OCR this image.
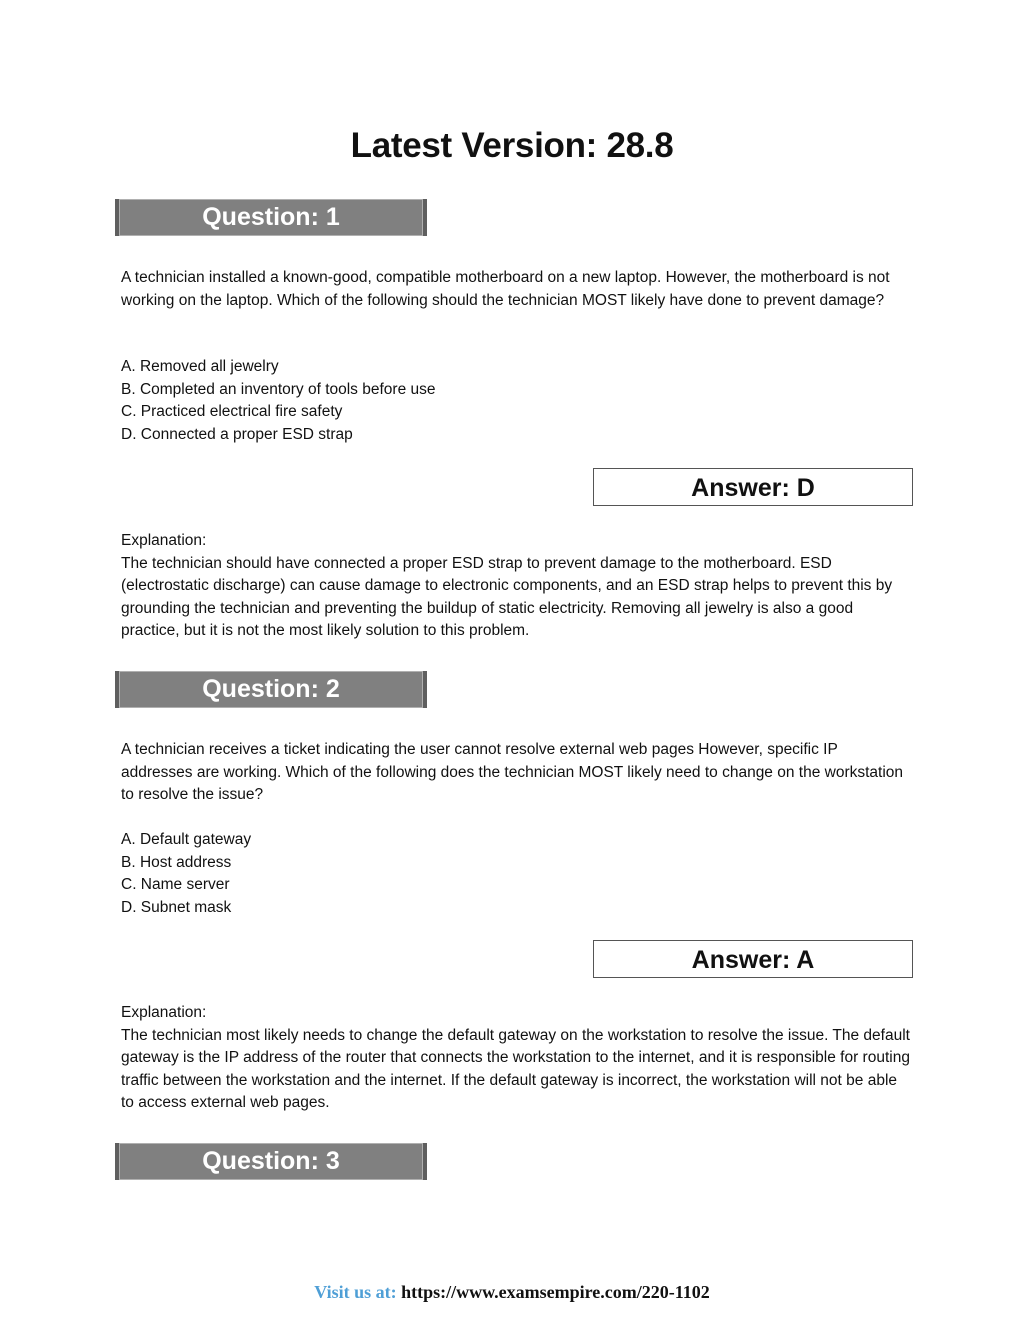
Latest Version: 28.8
Question: 1

A technician installed a known-good, compatible motherboard on a new laptop. However, the motherboard is not working on the laptop. Which of the following should the technician MOST likely have done to prevent damage?

A. Removed all jewelry
B. Completed an inventory of tools before use
C. Practiced electrical fire safety
D. Connected a proper ESD strap
Answer: D
Explanation:
The technician should have connected a proper ESD strap to prevent damage to the motherboard. ESD (electrostatic discharge) can cause damage to electronic components, and an ESD strap helps to prevent this by grounding the technician and preventing the buildup of static electricity. Removing all jewelry is also a good practice, but it is not the most likely solution to this problem.
Question: 2

A technician receives a ticket indicating the user cannot resolve external web pages However, specific IP addresses are working. Which of the following does the technician MOST likely need to change on the workstation to resolve the issue?

A. Default gateway
B. Host address
C. Name server
D. Subnet mask
Answer: A
Explanation:
The technician most likely needs to change the default gateway on the workstation to resolve the issue. The default gateway is the IP address of the router that connects the workstation to the internet, and it is responsible for routing traffic between the workstation and the internet. If the default gateway is incorrect, the workstation will not be able to access external web pages.
Question: 3
Visit us at: https://www.examsempire.com/220-1102
